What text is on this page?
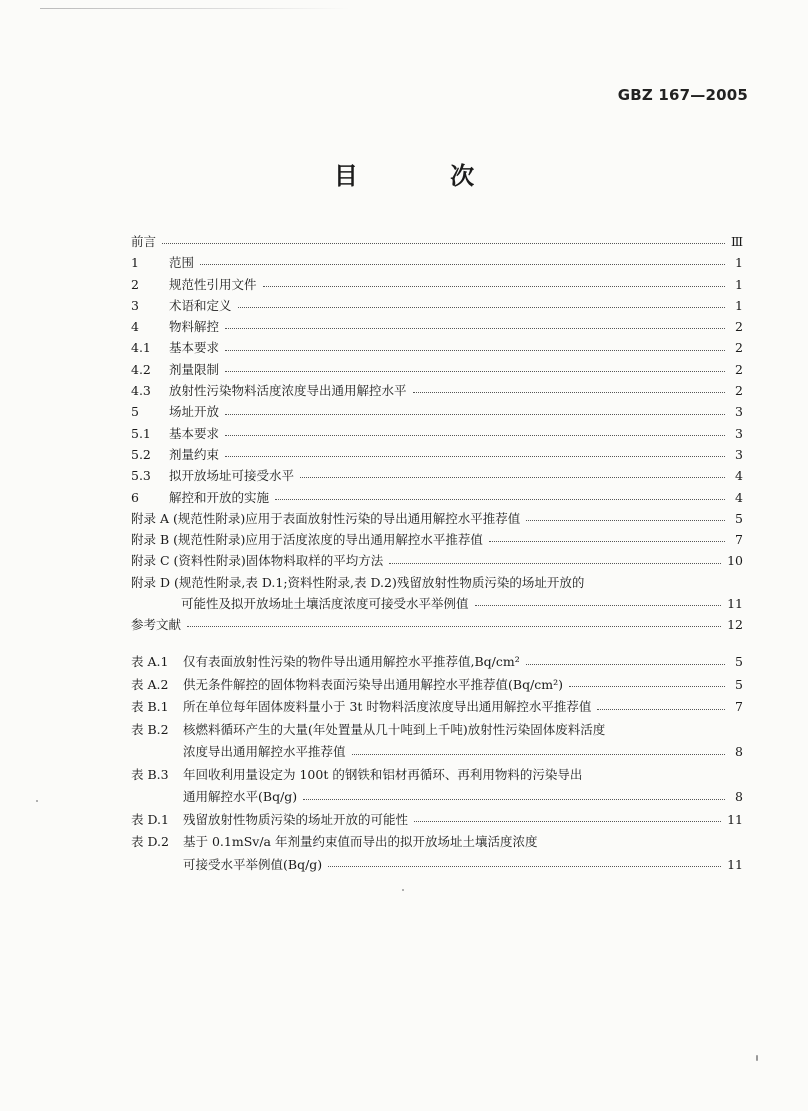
GBZ 167—2005
目 次
前言	Ⅲ
1	范围	1
2	规范性引用文件	1
3	术语和定义	1
4	物料解控	2
4.1	基本要求	2
4.2	剂量限制	2
4.3	放射性污染物料活度浓度导出通用解控水平	2
5	场址开放	3
5.1	基本要求	3
5.2	剂量约束	3
5.3	拟开放场址可接受水平	4
6	解控和开放的实施	4
附录 A (规范性附录)应用于表面放射性污染的导出通用解控水平推荐值	5
附录 B (规范性附录)应用于活度浓度的导出通用解控水平推荐值	7
附录 C (资料性附录)固体物料取样的平均方法	10
附录 D (规范性附录,表 D.1;资料性附录,表 D.2)残留放射性物质污染的场址开放的
可能性及拟开放场址土壤活度浓度可接受水平举例值	11
参考文献	12
表 A.1	仅有表面放射性污染的物件导出通用解控水平推荐值,Bq/cm²	5
表 A.2	供无条件解控的固体物料表面污染导出通用解控水平推荐值(Bq/cm²)	5
表 B.1	所在单位每年固体废料量小于 3t 时物料活度浓度导出通用解控水平推荐值	7
表 B.2	核燃料循环产生的大量(年处置量从几十吨到上千吨)放射性污染固体废料活度
浓度导出通用解控水平推荐值	8
表 B.3	年回收利用量设定为 100t 的钢铁和铝材再循环、再利用物料的污染导出
通用解控水平(Bq/g)	8
表 D.1	残留放射性物质污染的场址开放的可能性	11
表 D.2	基于 0.1mSv/a 年剂量约束值而导出的拟开放场址土壤活度浓度
可接受水平举例值(Bq/g)	11
